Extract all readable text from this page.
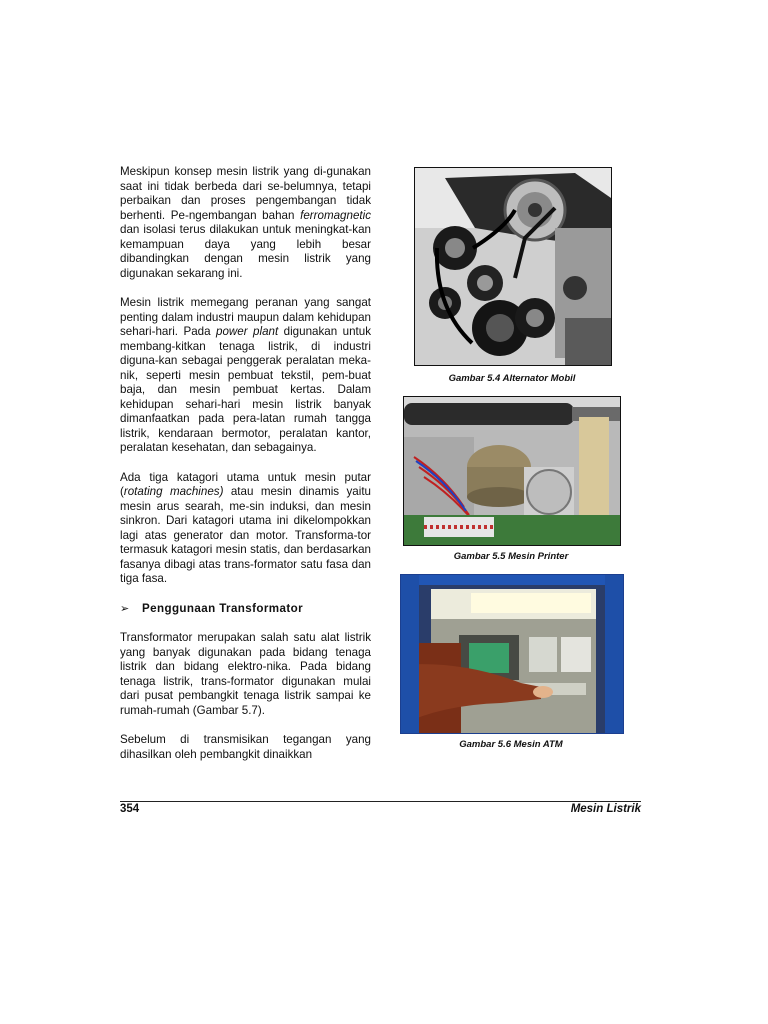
Meskipun konsep mesin listrik yang di-gunakan saat ini tidak berbeda dari se-belumnya, tetapi perbaikan dan proses pengembangan tidak berhenti. Pe-ngembangan bahan ferromagnetic dan isolasi terus dilakukan untuk meningkat-kan kemampuan daya yang lebih besar dibandingkan dengan mesin listrik yang digunakan sekarang ini.

Mesin listrik memegang peranan yang sangat penting dalam industri maupun dalam kehidupan sehari-hari. Pada power plant digunakan untuk membang-kitkan tenaga listrik, di industri diguna-kan sebagai penggerak peralatan meka-nik, seperti mesin pembuat tekstil, pem-buat baja, dan mesin pembuat kertas. Dalam kehidupan sehari-hari mesin listrik banyak dimanfaatkan pada pera-latan rumah tangga listrik, kendaraan bermotor, peralatan kantor, peralatan kesehatan, dan sebagainya.

Ada tiga katagori utama untuk mesin putar (rotating machines) atau mesin dinamis yaitu mesin arus searah, me-sin induksi, dan mesin sinkron. Dari katagori utama ini dikelompokkan lagi atas generator dan motor. Transforma-tor termasuk katagori mesin statis, dan berdasarkan fasanya dibagi atas trans-formator satu fasa dan tiga fasa.

➢ Penggunaan Transformator

Transformator merupakan salah satu alat listrik yang banyak digunakan pada bidang tenaga listrik dan bidang elektro-nika. Pada bidang tenaga listrik, trans-formator digunakan mulai dari pusat pembangkit tenaga listrik sampai ke rumah-rumah (Gambar 5.7).

Sebelum di transmisikan tegangan yang dihasilkan oleh pembangkit dinaikkan

Gambar 5.4 Alternator Mobil
Gambar 5.5 Mesin Printer
Gambar 5.6 Mesin ATM
354	Mesin Listrik
